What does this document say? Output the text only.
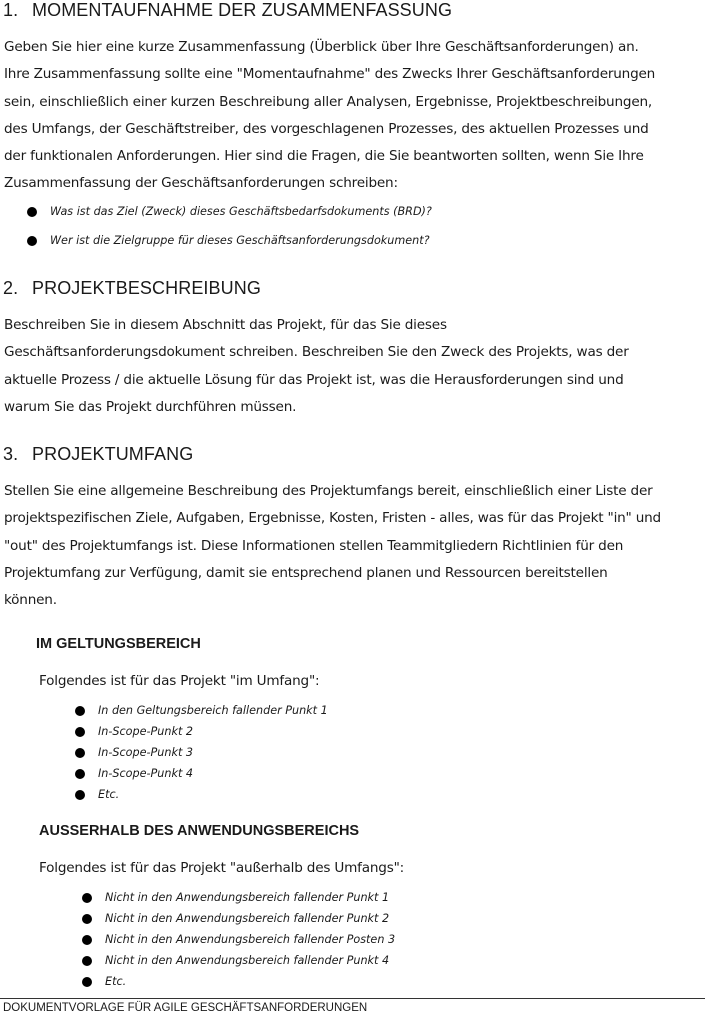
1. MOMENTAUFNAHME DER ZUSAMMENFASSUNG

Geben Sie hier eine kurze Zusammenfassung (Überblick über Ihre Geschäftsanforderungen) an.
Ihre Zusammenfassung sollte eine "Momentaufnahme" des Zwecks Ihrer Geschäftsanforderungen
sein, einschließlich einer kurzen Beschreibung aller Analysen, Ergebnisse, Projektbeschreibungen,
des Umfangs, der Geschäftstreiber, des vorgeschlagenen Prozesses, des aktuellen Prozesses und
der funktionalen Anforderungen. Hier sind die Fragen, die Sie beantworten sollten, wenn Sie Ihre
Zusammenfassung der Geschäftsanforderungen schreiben:

Was ist das Ziel (Zweck) dieses Geschäftsbedarfsdokuments (BRD)?
Wer ist die Zielgruppe für dieses Geschäftsanforderungsdokument?
2. PROJEKTBESCHREIBUNG

Beschreiben Sie in diesem Abschnitt das Projekt, für das Sie dieses
Geschäftsanforderungsdokument schreiben. Beschreiben Sie den Zweck des Projekts, was der
aktuelle Prozess / die aktuelle Lösung für das Projekt ist, was die Herausforderungen sind und
warum Sie das Projekt durchführen müssen.

3. PROJEKTUMFANG

Stellen Sie eine allgemeine Beschreibung des Projektumfangs bereit, einschließlich einer Liste der
projektspezifischen Ziele, Aufgaben, Ergebnisse, Kosten, Fristen - alles, was für das Projekt "in" und
"out" des Projektumfangs ist. Diese Informationen stellen Teammitgliedern Richtlinien für den
Projektumfang zur Verfügung, damit sie entsprechend planen und Ressourcen bereitstellen
können.

IM GELTUNGSBEREICH

Folgendes ist für das Projekt "im Umfang":

In den Geltungsbereich fallender Punkt 1
In-Scope-Punkt 2
In-Scope-Punkt 3
In-Scope-Punkt 4
Etc.
AUSSERHALB DES ANWENDUNGSBEREICHS

Folgendes ist für das Projekt "außerhalb des Umfangs":

Nicht in den Anwendungsbereich fallender Punkt 1
Nicht in den Anwendungsbereich fallender Punkt 2
Nicht in den Anwendungsbereich fallender Posten 3
Nicht in den Anwendungsbereich fallender Punkt 4
Etc.

DOKUMENTVORLAGE FÜR AGILE GESCHÄFTSANFORDERUNGEN
